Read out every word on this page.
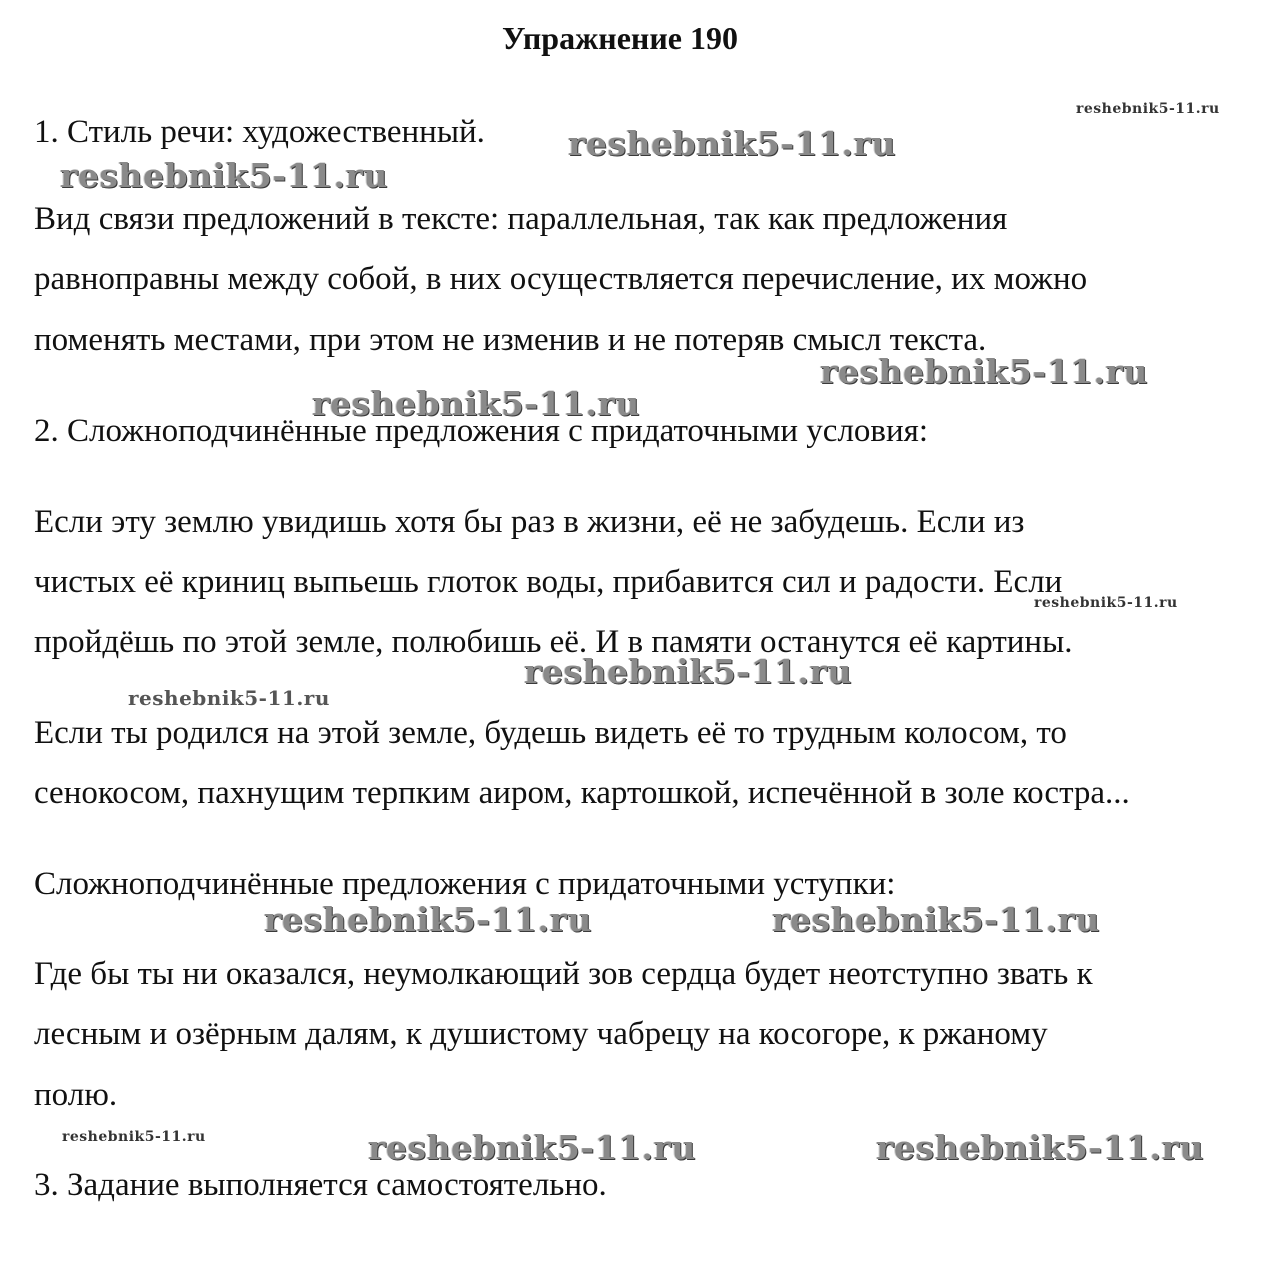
Упражнение 190
1. Стиль речи: художественный.
Вид связи предложений в тексте: параллельная, так как предложения
равноправны между собой, в них осуществляется перечисление, их можно
поменять местами, при этом не изменив и не потеряв смысл текста.
2. Сложноподчинённые предложения с придаточными условия:
Если эту землю увидишь хотя бы раз в жизни, её не забудешь. Если из
чистых её криниц выпьешь глоток воды, прибавится сил и радости. Если
пройдёшь по этой земле, полюбишь её. И в памяти останутся её картины.
Если ты родился на этой земле, будешь видеть её то трудным колосом, то
сенокосом, пахнущим терпким аиром, картошкой, испечённой в золе костра...
Сложноподчинённые предложения с придаточными уступки:
Где бы ты ни оказался, неумолкающий зов сердца будет неотступно звать к
лесным и озёрным далям, к душистому чабрецу на косогоре, к ржаному
полю.
3. Задание выполняется самостоятельно.
reshebnik5-11.ru
reshebnik5-11.ru
reshebnik5-11.ru
reshebnik5-11.ru
reshebnik5-11.ru
reshebnik5-11.ru
reshebnik5-11.ru
reshebnik5-11.ru
reshebnik5-11.ru	reshebnik5-11.ru
reshebnik5-11.ru	reshebnik5-11.ru	reshebnik5-11.ru
